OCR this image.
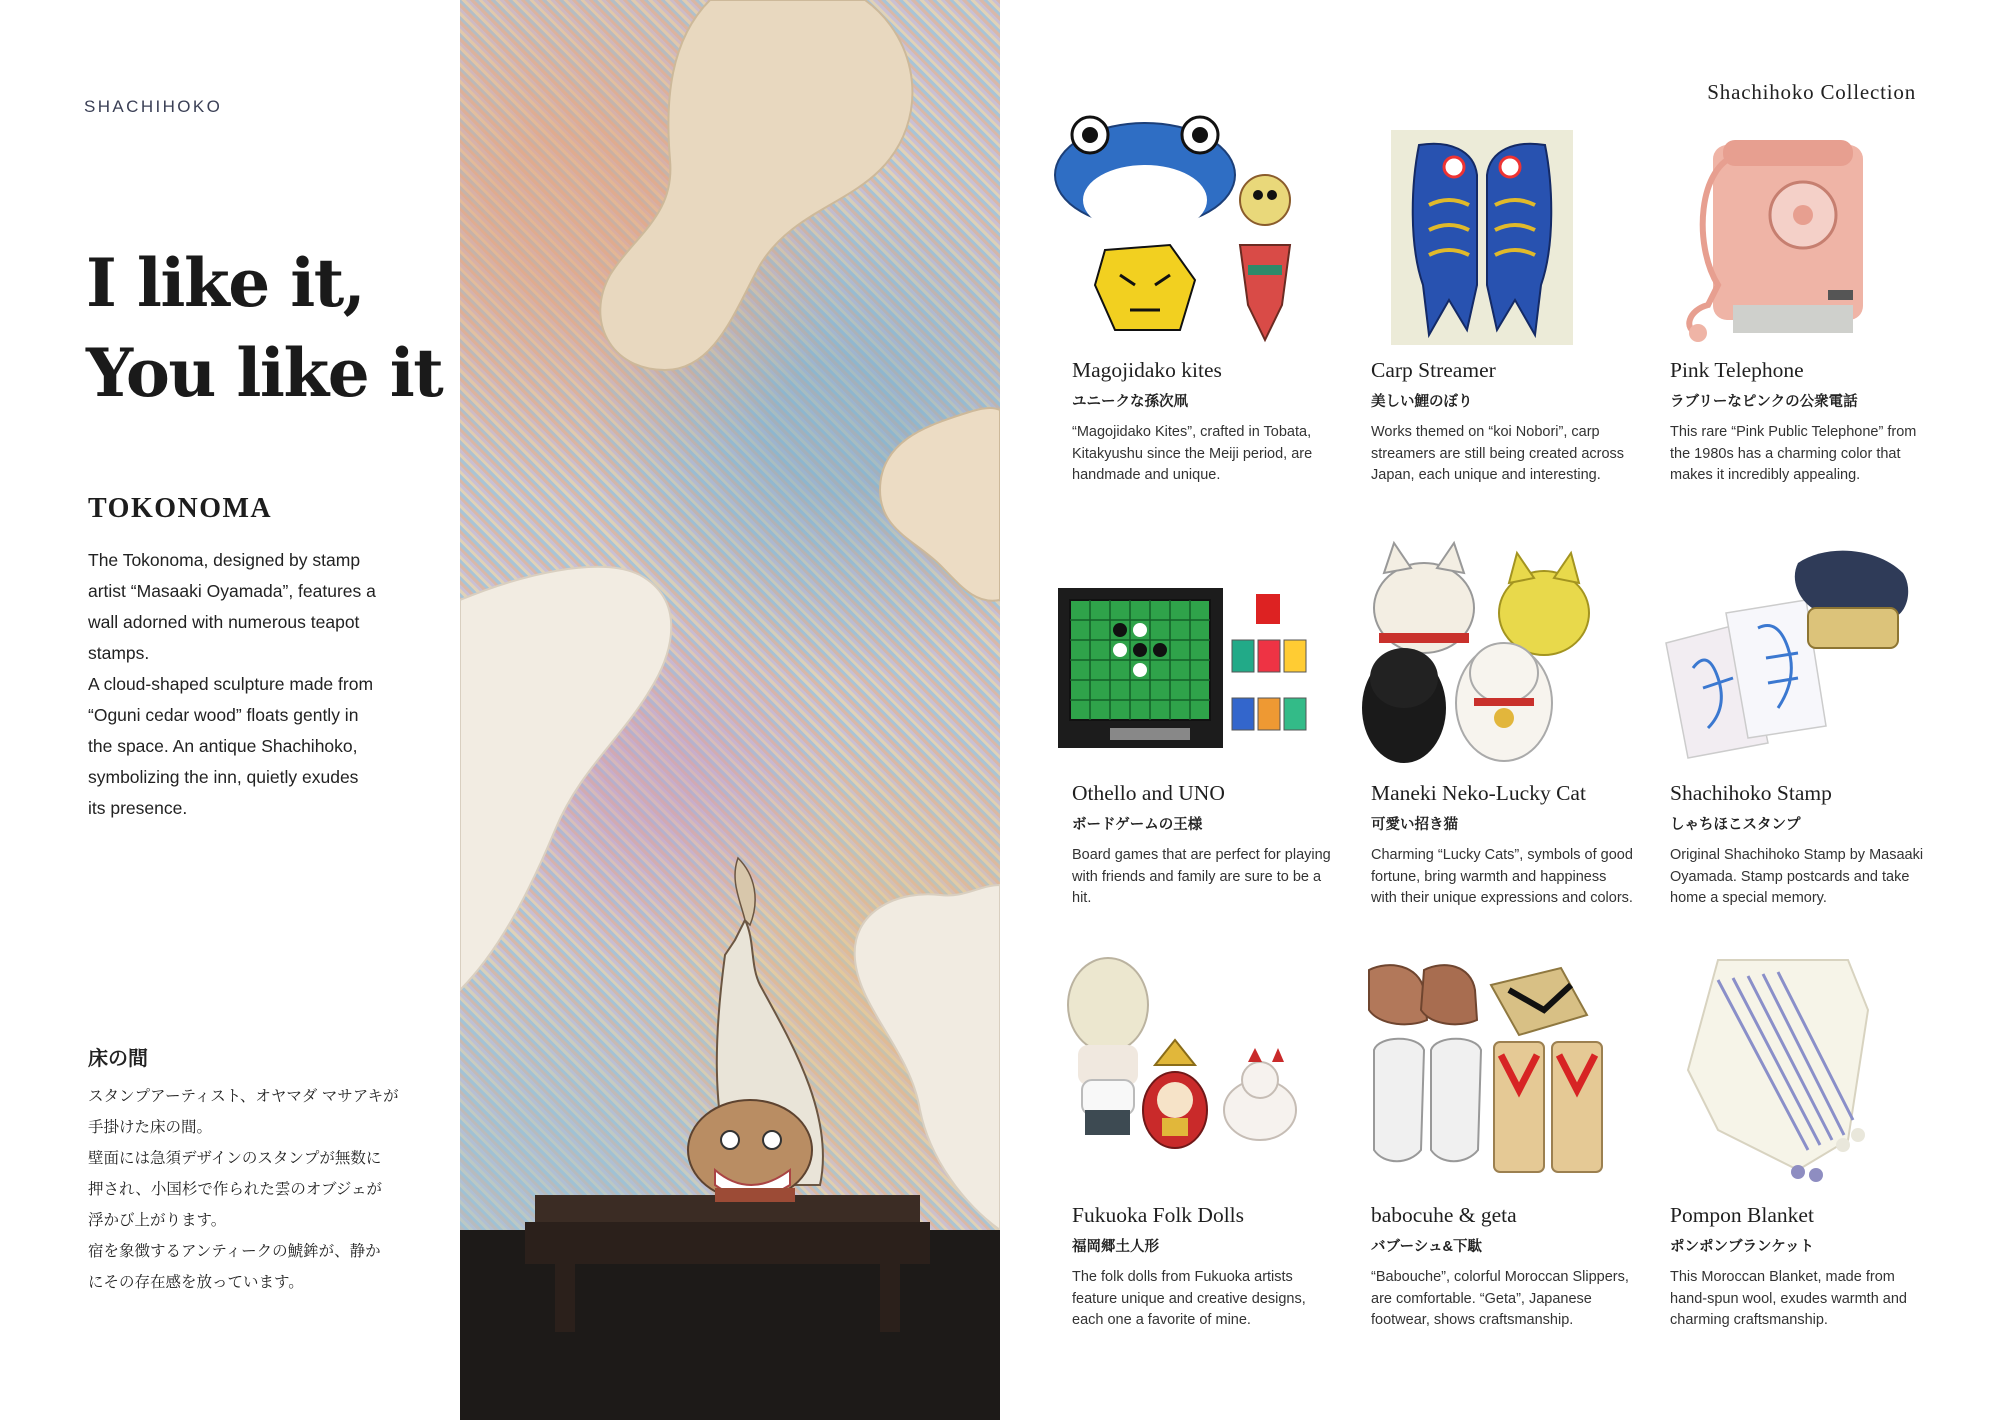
SHACHIHOKO
I like it,
You like it
TOKONOMA

The Tokonoma, designed by stamp

artist “Masaaki Oyamada”, features a

wall adorned with numerous teapot

stamps.

A cloud-shaped sculpture made from

“Oguni cedar wood” floats gently in

the space. An antique Shachihoko,

symbolizing the inn, quietly exudes

its presence.

床の間

スタンプアーティスト、オヤマダ マサアキが

手掛けた床の間。

壁面には急須デザインのスタンプが無数に

押され、小国杉で作られた雲のオブジェが

浮かび上がります。

宿を象徴するアンティークの鯱鉾が、静か

にその存在感を放っています。

Shachihoko Collection
Magojidako kites
ユニークな孫次凧
“Magojidako Kites”, crafted in Tobata, Kitakyushu since the Meiji period, are handmade and unique.
Carp Streamer
美しい鯉のぼり
Works themed on “koi Nobori”, carp streamers are still being created across Japan, each unique and interesting.
Pink Telephone
ラブリーなピンクの公衆電話
This rare “Pink Public Telephone” from the 1980s has a charming color that makes it incredibly appealing.
Othello and UNO
ボードゲームの王様
Board games that are perfect for playing with friends and family are sure to be a hit.
Maneki Neko-Lucky Cat
可愛い招き猫
Charming “Lucky Cats”, symbols of good fortune, bring warmth and happiness with their unique expressions and colors.
Shachihoko Stamp
しゃちほこスタンプ
Original Shachihoko Stamp by Masaaki Oyamada. Stamp postcards and take home a special memory.
Fukuoka Folk Dolls
福岡郷土人形
The folk dolls from Fukuoka artists feature unique and creative designs, each one a favorite of mine.
babocuhe & geta
バブーシュ&下駄
“Babouche”, colorful Moroccan Slippers, are comfortable. “Geta”, Japanese footwear, shows craftsmanship.
Pompon Blanket
ポンポンブランケット
This Moroccan Blanket, made from hand-spun wool, exudes warmth and charming craftsmanship.
